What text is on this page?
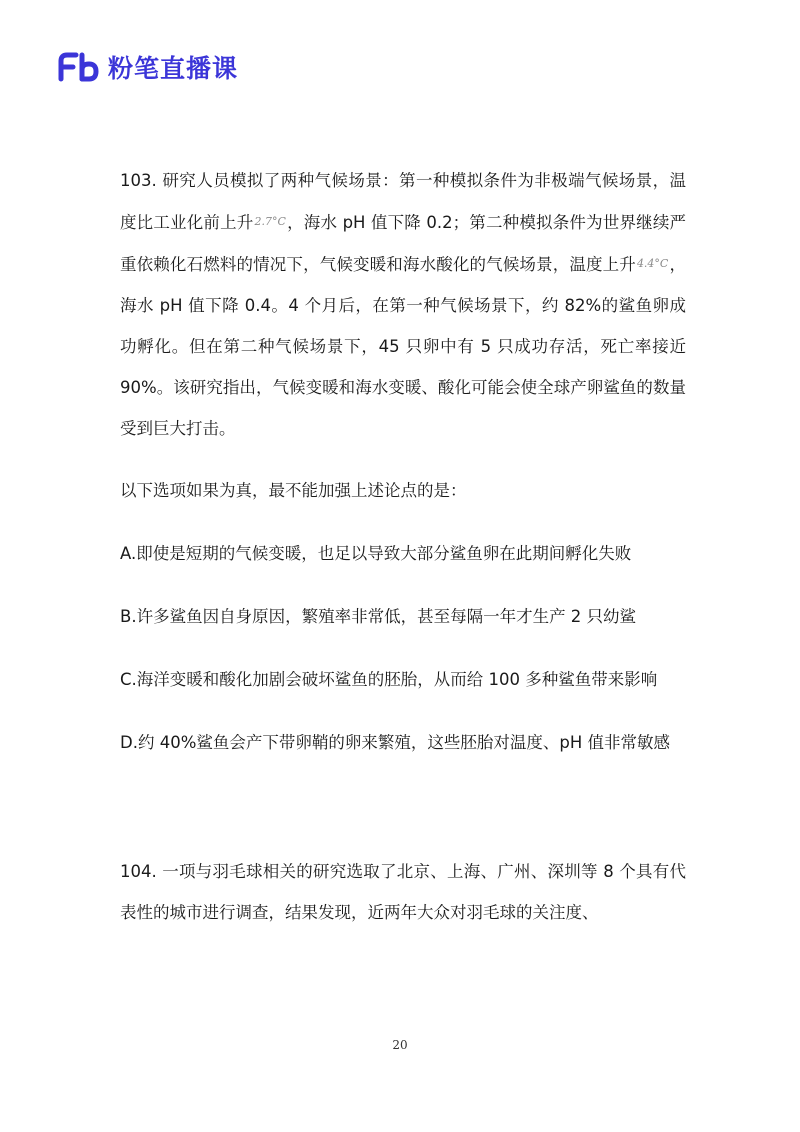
粉笔直播课

103. 研究人员模拟了两种气候场景：第一种模拟条件为非极端气候场景，温度比工业化前上升2.7°C，海水 pH 值下降 0.2；第二种模拟条件为世界继续严重依赖化石燃料的情况下，气候变暖和海水酸化的气候场景，温度上升4.4°C，海水 pH 值下降 0.4。4 个月后，在第一种气候场景下，约 82%的鲨鱼卵成功孵化。但在第二种气候场景下，45 只卵中有 5 只成功存活，死亡率接近 90%。该研究指出，气候变暖和海水变暖、酸化可能会使全球产卵鲨鱼的数量受到巨大打击。

以下选项如果为真，最不能加强上述论点的是：

A.即使是短期的气候变暖，也足以导致大部分鲨鱼卵在此期间孵化失败

B.许多鲨鱼因自身原因，繁殖率非常低，甚至每隔一年才生产 2 只幼鲨

C.海洋变暖和酸化加剧会破坏鲨鱼的胚胎，从而给 100 多种鲨鱼带来影响

D.约 40%鲨鱼会产下带卵鞘的卵来繁殖，这些胚胎对温度、pH 值非常敏感

104. 一项与羽毛球相关的研究选取了北京、上海、广州、深圳等 8 个具有代表性的城市进行调查，结果发现，近两年大众对羽毛球的关注度、

20
